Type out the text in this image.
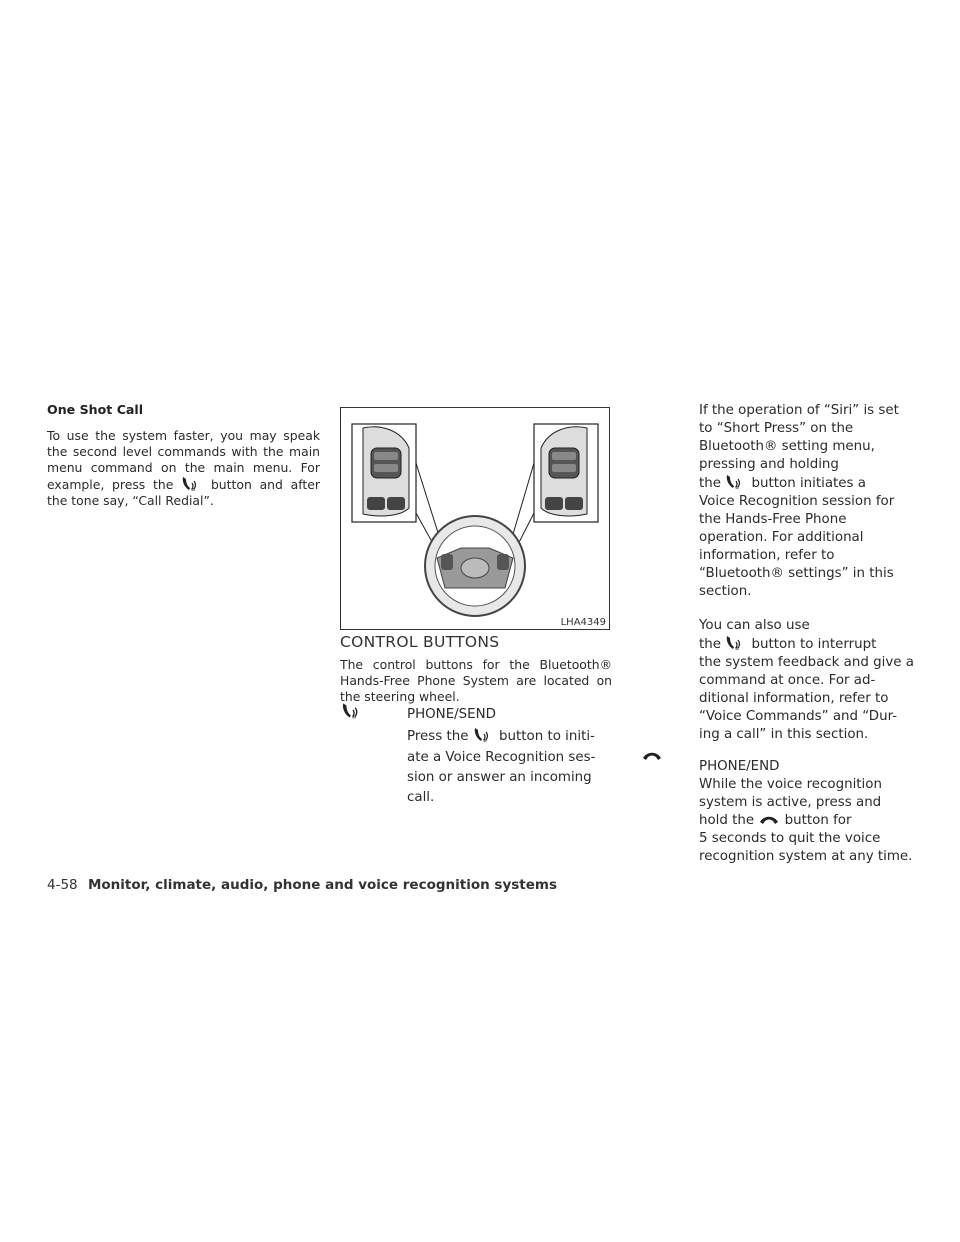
One Shot Call

To use the system faster, you may speak the second level commands with the main menu command on the main menu. For example, press the	w button and after the tone say, “Call Redial”.

LHA4349
CONTROL BUTTONS

The control buttons for the Bluetooth® Hands-Free Phone System are located on the steering wheel.

w	PHONE/SEND
Press the	w button to initi-
ate a Voice Recognition ses-
sion or answer an incoming
call.
If the operation of “Siri” is set
to “Short Press” on the
Bluetooth® setting menu,
pressing and holding
the	w button initiates a

Voice Recognition session for the Hands-Free Phone operation. For additional information, refer to “Bluetooth® settings” in this section.

You can also use
the	w button to interrupt

the system feedback and give a command at once. For ad- ditional information, refer to “Voice Commands” and “Dur- ing a call” in this section.

PHONE/END
While the voice recognition
system is active, press and
hold the button for

5 seconds to quit the voice recognition system at any time.

4-58 Monitor, climate, audio, phone and voice recognition systems
